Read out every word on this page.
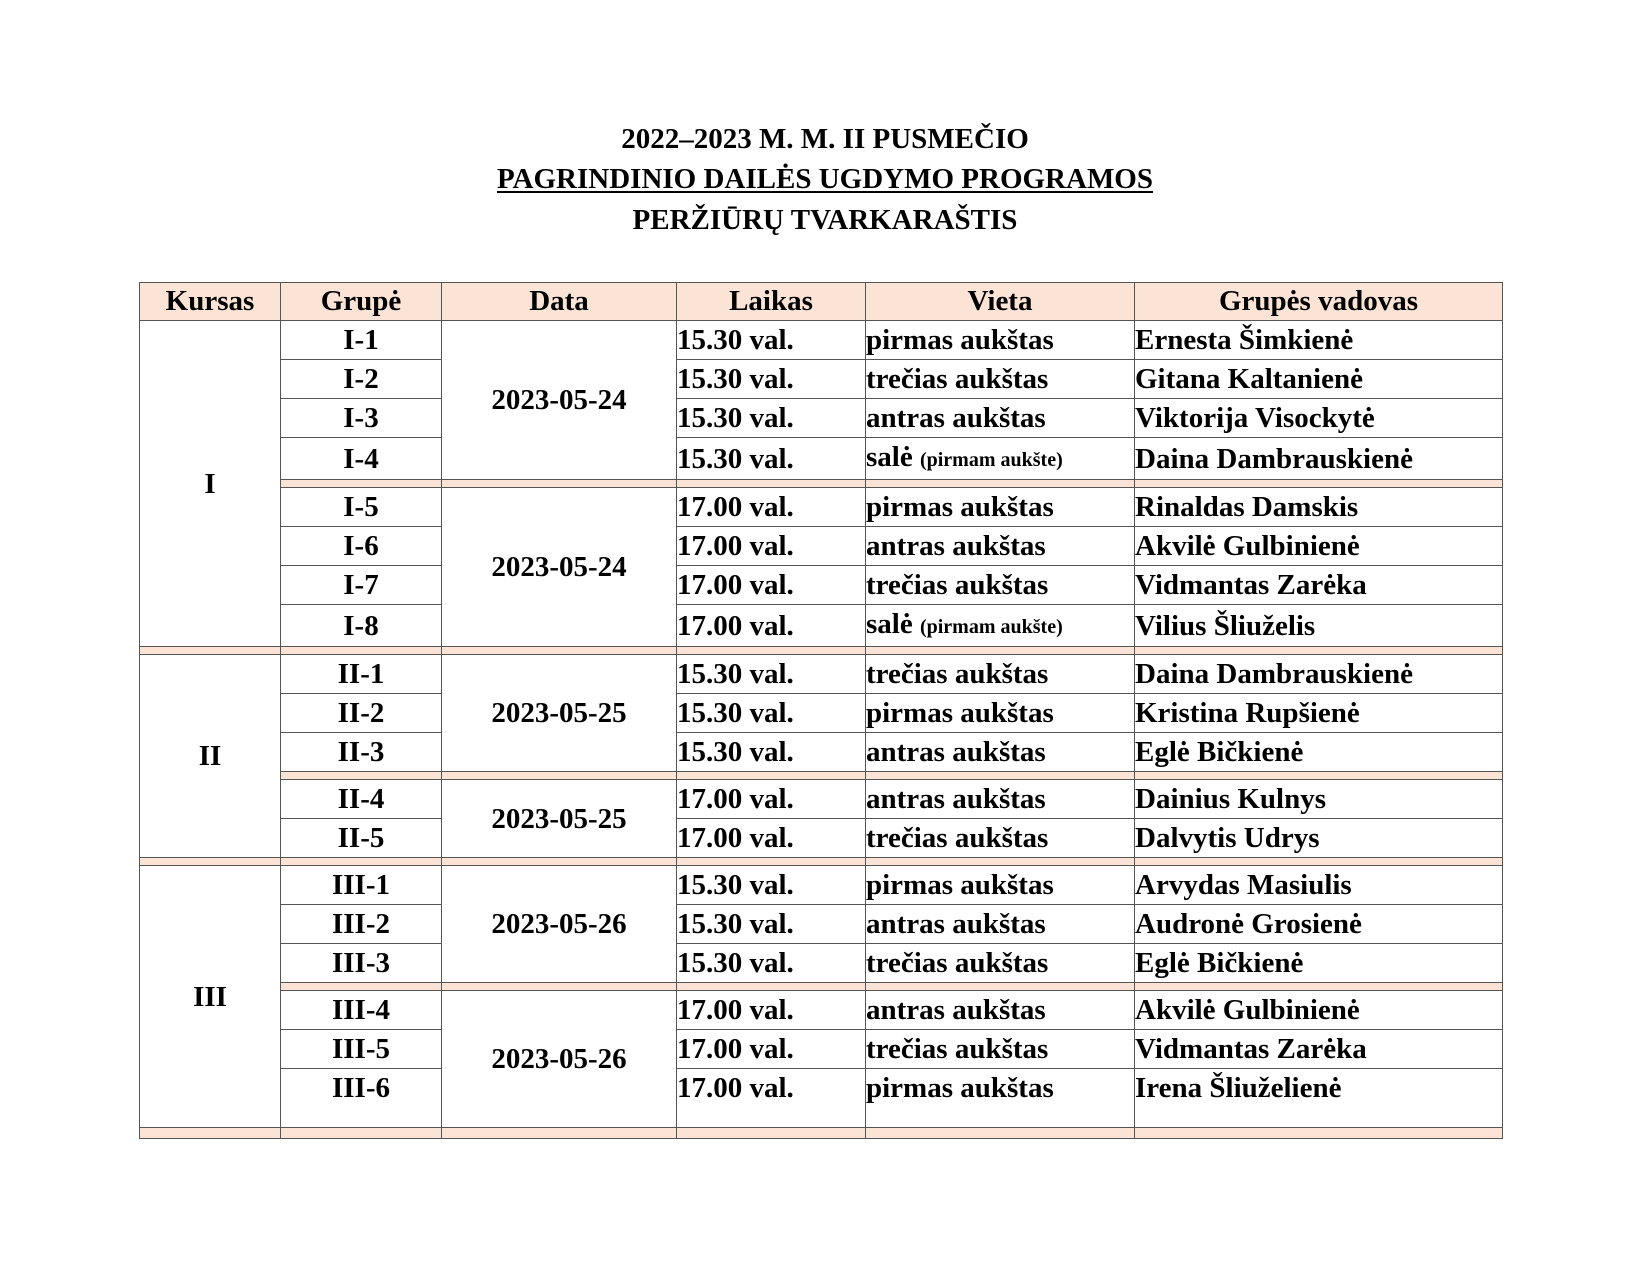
2022–2023 M. M. II PUSMEČIO
PAGRINDINIO DAILĖS UGDYMO PROGRAMOS
PERŽIŪRŲ TVARKARAŠTIS
Kursas	Grupė	Data	Laikas	Vieta	Grupės vadovas
I	I-1	2023-05-24	15.30 val.	pirmas aukštas	Ernesta Šimkienė
	I-2		15.30 val.	trečias aukštas	Gitana Kaltanienė
	I-3		15.30 val.	antras aukštas	Viktorija Visockytė
	I-4		15.30 val.	salė (pirmam aukšte)	Daina Dambrauskienė

	I-5	2023-05-24	17.00 val.	pirmas aukštas	Rinaldas Damskis
	I-6		17.00 val.	antras aukštas	Akvilė Gulbinienė
	I-7		17.00 val.	trečias aukštas	Vidmantas Zarėka
	I-8		17.00 val.	salė (pirmam aukšte)	Vilius Šliuželis

II	II-1	2023-05-25	15.30 val.	trečias aukštas	Daina Dambrauskienė
	II-2		15.30 val.	pirmas aukštas	Kristina Rupšienė
	II-3		15.30 val.	antras aukštas	Eglė Bičkienė

	II-4	2023-05-25	17.00 val.	antras aukštas	Dainius Kulnys
	II-5		17.00 val.	trečias aukštas	Dalvytis Udrys

III	III-1	2023-05-26	15.30 val.	pirmas aukštas	Arvydas Masiulis
	III-2		15.30 val.	antras aukštas	Audronė Grosienė
	III-3		15.30 val.	trečias aukštas	Eglė Bičkienė

	III-4	2023-05-26	17.00 val.	antras aukštas	Akvilė Gulbinienė
	III-5		17.00 val.	trečias aukštas	Vidmantas Zarėka
	III-6		17.00 val.	pirmas aukštas	Irena Šliuželienė
